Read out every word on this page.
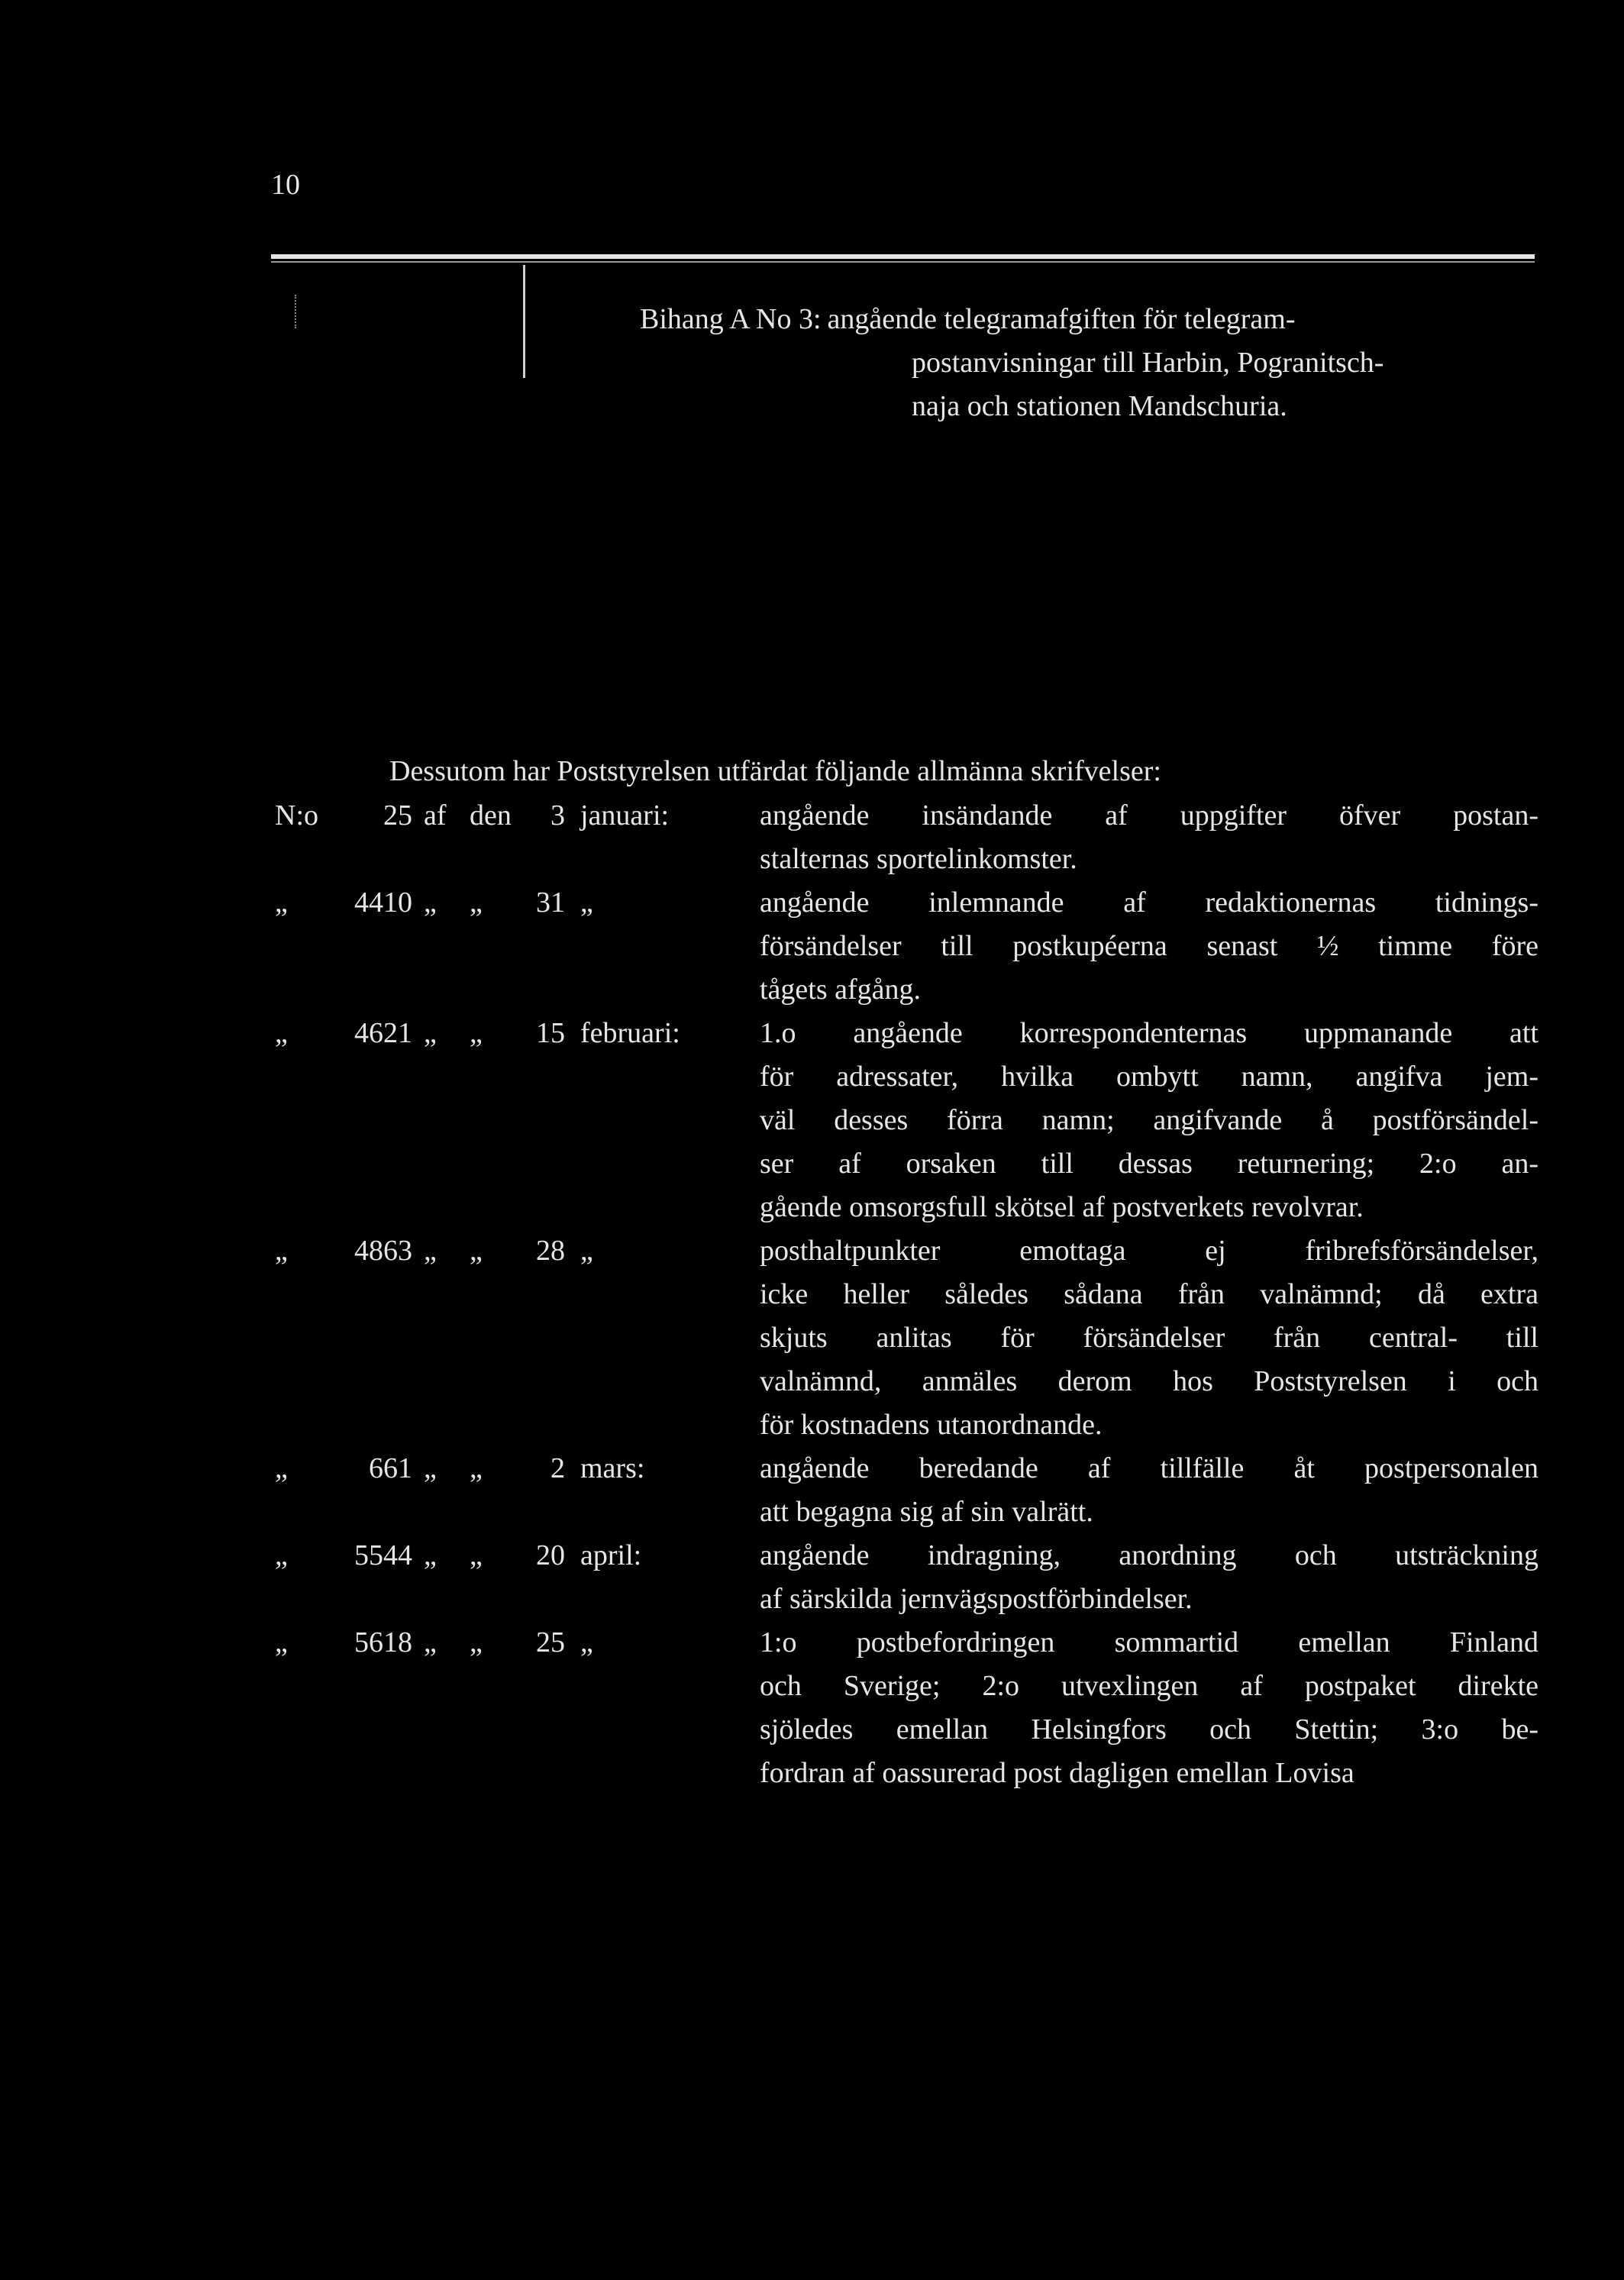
10
Bihang A No 3: angående telegramafgiften för telegram-
postanvisningar till Harbin, Pogranitsch-
naja och stationen Mandschuria.
Dessutom har Poststyrelsen utfärdat följande allmänna skrifvelser:
N:o	25 af den	3 januari:	angående insändande af uppgifter öfver postan-
stalternas sportelinkomster.
„	4410 „ „	31 „	angående inlemnande af redaktionernas tidnings-
försändelser till postkupéerna senast ½ timme före
tågets afgång.
„	4621 „ „	15 februari:	1.o angående korrespondenternas uppmanande att
för adressater, hvilka ombytt namn, angifva jem-
väl desses förra namn; angifvande å postförsändel-
ser af orsaken till dessas returnering; 2:o an-
gående omsorgsfull skötsel af postverkets revolvrar.
„	4863 „ „	28 „	posthaltpunkter emottaga ej fribrefsförsändelser,
icke heller således sådana från valnämnd; då extra
skjuts anlitas för försändelser från central- till
valnämnd, anmäles derom hos Poststyrelsen i och
för kostnadens utanordnande.
„	661 „ „	2 mars:	angående beredande af tillfälle åt postpersonalen
att begagna sig af sin valrätt.
„	5544 „ „	20 april:	angående indragning, anordning och utsträckning
af särskilda jernvägspostförbindelser.
„	5618 „ „	25 „	1:o postbefordringen sommartid emellan Finland
och Sverige; 2:o utvexlingen af postpaket direkte
sjöledes emellan Helsingfors och Stettin; 3:o be-
fordran af oassurerad post dagligen emellan Lovisa
